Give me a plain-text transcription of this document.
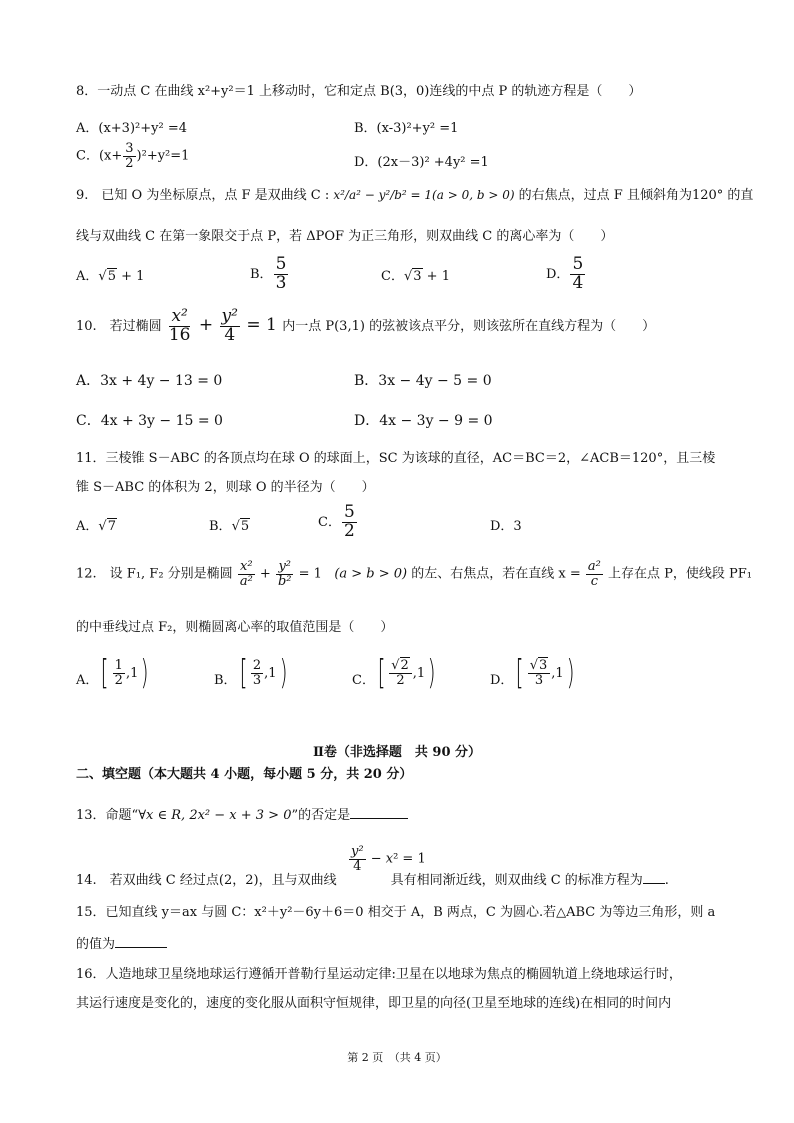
8．一动点 C 在曲线 x²+y²＝1 上移动时，它和定点 B(3，0)连线的中点 P 的轨迹方程是（　　）
A．(x+3)²+y² =4	B．(x-3)²+y² =1
C．$(x+ \frac{3}{2} )^2+y^2=1$	D．(2x－3)² +4y² =1
9.　已知 O 为坐标原点，点 F 是双曲线 C : x²/a² − y²/b² = 1(a > 0, b > 0) 的右焦点，过点 F 且倾斜角为120° 的直
线与双曲线 C 在第一象限交于点 P，若 ΔPOF 为正三角形，则双曲线 C 的离心率为（　　）
A．√5 + 1	B． $\frac{5}{3}$	C．√3 + 1	D． $\frac{5}{4}$
10.　若过椭圆 $\frac{\text{x²}}{16} + \frac{\text{y²}}{4} = 1$ 内一点 P(3,1) 的弦被该点平分，则该弦所在直线方程为（　　）
A．3x + 4y − 13 = 0	B．3x − 4y − 5 = 0
C．4x + 3y − 15 = 0	D．4x − 3y − 9 = 0
11．三棱锥 S－ABC 的各顶点均在球 O 的球面上，SC 为该球的直径，AC＝BC＝2，∠ACB＝120°，且三棱
锥 S－ABC 的体积为 2，则球 O 的半径为（　　）
A．√7	B．√5	C． $\frac{5}{2}$	D．3
12.　设 F₁, F₂ 分别是椭圆 $\frac{\text{x²}}{\text{a²}} + \frac{\text{y²}}{\text{b²}} = 1$   (a > b > 0) 的左、右焦点，若在直线 $x = \frac{\text{a²}}{c}$ 上存在点 P，使线段 PF₁
的中垂线过点 F₂，则椭圆离心率的取值范围是（　　）
A． [ $\frac{1}{2} ,1$ )	B． [ $\frac{2}{3} ,1$ )	C． [ $\frac{√2}{2} ,1$ )	D． [ $\frac{√3}{3} ,1$ )
Ⅱ卷（非选择题　共 90 分）
二、填空题（本大题共 4 小题，每小题 5 分，共 20 分）
13．命题“∀x ∈ R, 2x² − x + 3 > 0”的否定是
$\frac{\text{y²}}{4} - x^2 = 1$
14.　若双曲线 C 经过点(2，2)，且与双曲线	具有相同渐近线，则双曲线 C 的标准方程为 .
15．已知直线 y＝ax 与圆 C：x²＋y²－6y＋6＝0 相交于 A，B 两点，C 为圆心.若△ABC 为等边三角形，则 a
的值为
16．人造地球卫星绕地球运行遵循开普勒行星运动定律:卫星在以地球为焦点的椭圆轨道上绕地球运行时，
其运行速度是变化的，速度的变化服从面积守恒规律，即卫星的向径(卫星至地球的连线)在相同的时间内
第 2 页　（共 4 页）
